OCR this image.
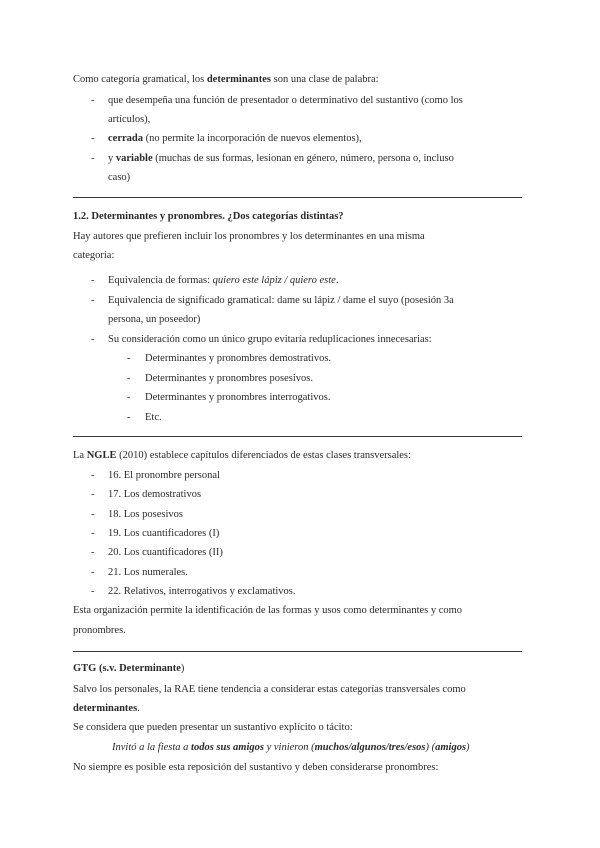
Como categoría gramatical, los determinantes son una clase de palabra:
- que desempeña una función de presentador o determinativo del sustantivo (como los
artículos),
- cerrada (no permite la incorporación de nuevos elementos),
- y variable (muchas de sus formas, lesionan en género, número, persona o, incluso
caso)
1.2. Determinantes y pronombres. ¿Dos categorías distintas?
Hay autores que prefieren incluir los pronombres y los determinantes en una misma
categoría:
- Equivalencia de formas: quiero este lápiz / quiero este.
- Equivalencia de significado gramatical: dame su lápiz / dame el suyo (posesión 3a
persona, un poseedor)
- Su consideración como un único grupo evitaría reduplicaciones innecesarias:
- Determinantes y pronombres demostrativos.
- Determinantes y pronombres posesivos.
- Determinantes y pronombres interrogativos.
- Etc.
La NGLE (2010) establece capítulos diferenciados de estas clases transversales:
- 16. El pronombre personal
- 17. Los demostrativos
- 18. Los posesivos
- 19. Los cuantificadores (I)
- 20. Los cuantificadores (II)
- 21. Los numerales.
- 22. Relativos, interrogativos y exclamativos.
Esta organización permite la identificación de las formas y usos como determinantes y como
pronombres.
GTG (s.v. Determinante)
Salvo los personales, la RAE tiene tendencia a considerar estas categorías transversales como
determinantes.
Se considera que pueden presentar un sustantivo explícito o tácito:
Invitó a la fiesta a todos sus amigos y vinieron (muchos/algunos/tres/esos) (amigos)
No siempre es posible esta reposición del sustantivo y deben considerarse pronombres:
